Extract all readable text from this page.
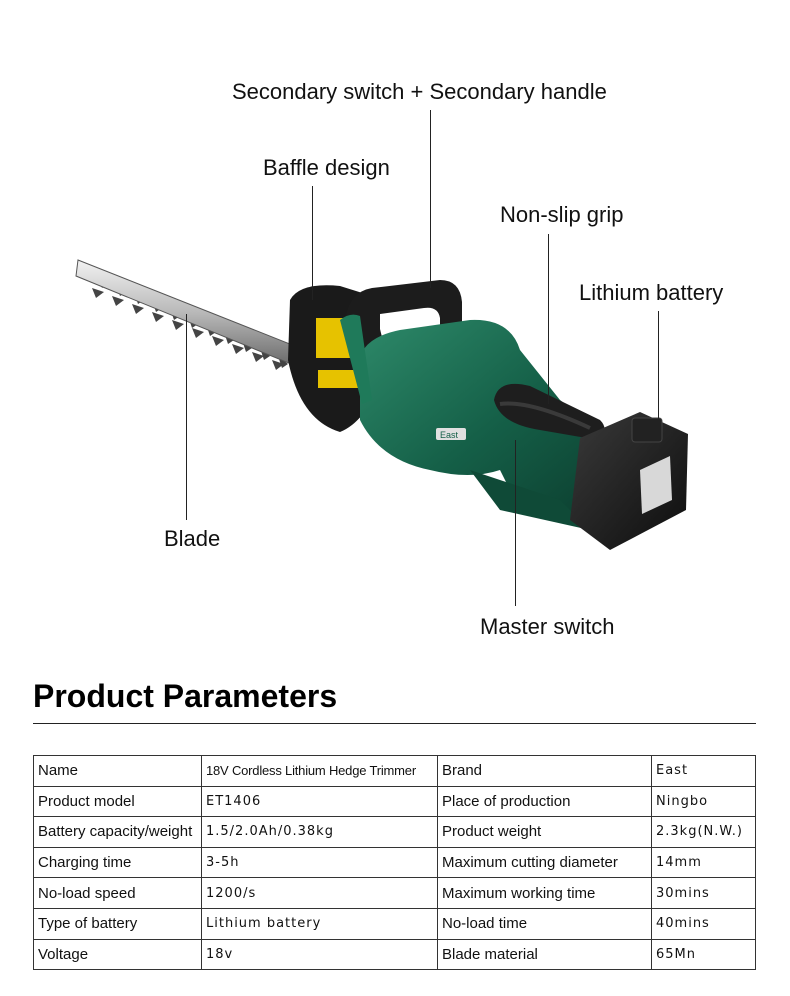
East
Secondary switch + Secondary handle
Baffle design
Non-slip grip
Lithium battery
Blade
Master switch
Product Parameters
Name	18V Cordless Lithium Hedge Trimmer	Brand	East
Product model	ET1406	Place of production	Ningbo
Battery capacity/weight	1.5/2.0Ah/0.38kg	Product weight	2.3kg(N.W.)
Charging time	3-5h	Maximum cutting diameter	14mm
No-load speed	1200/s	Maximum working time	30mins
Type of battery	Lithium battery	No-load time	40mins
Voltage	18v	Blade material	65Mn
